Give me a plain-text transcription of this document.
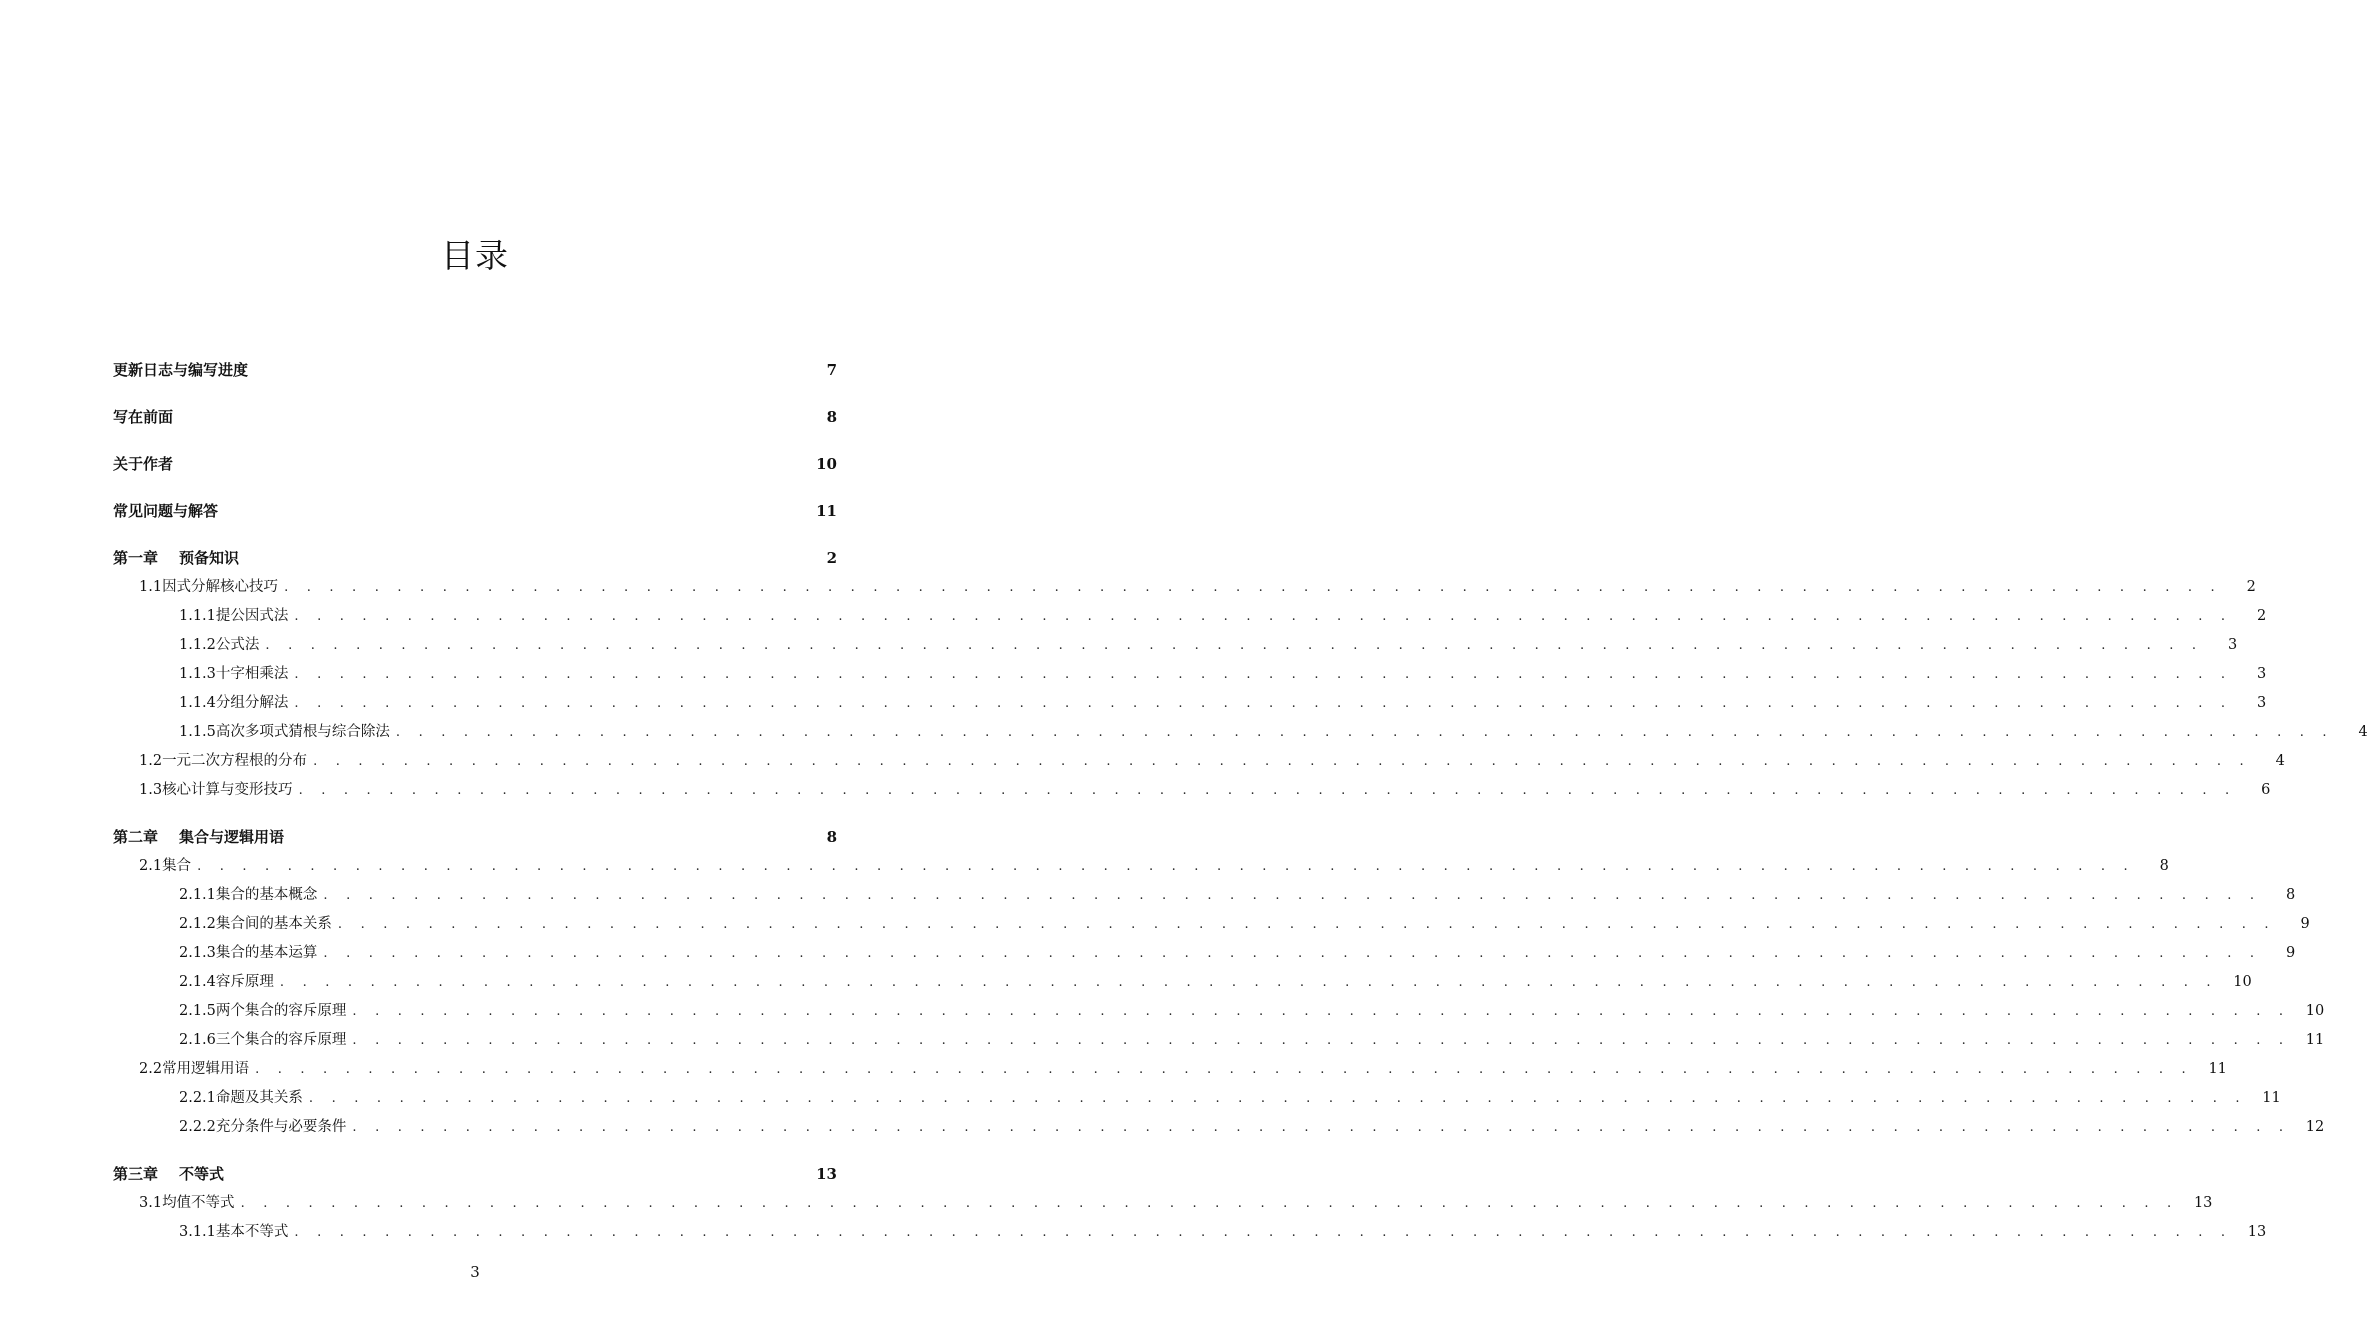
目录
更新日志与编写进度	7
写在前面	8
关于作者	10
常见问题与解答	11
第一章	预备知识	2
1.1 因式分解核心技巧 . . . . . . . . . . . . . . . . . . . . . . . . . . . . . . . . . . . . . . . . . . . . . . . . . . . . . . . . . . . . . . . . . . . . . . . . . . . . . . . . . . . . . .	2
1.1.1 提公因式法 . . . . . . . . . . . . . . . . . . . . . . . . . . . . . . . . . . . . . . . . . . . . . . . . . . . . . . . . . . . . . . . . . . . . . . . . . . . . . . . . . . . . . .	2
1.1.2 公式法 . . . . . . . . . . . . . . . . . . . . . . . . . . . . . . . . . . . . . . . . . . . . . . . . . . . . . . . . . . . . . . . . . . . . . . . . . . . . . . . . . . . . . .	3
1.1.3 十字相乘法 . . . . . . . . . . . . . . . . . . . . . . . . . . . . . . . . . . . . . . . . . . . . . . . . . . . . . . . . . . . . . . . . . . . . . . . . . . . . . . . . . . . . . .	3
1.1.4 分组分解法 . . . . . . . . . . . . . . . . . . . . . . . . . . . . . . . . . . . . . . . . . . . . . . . . . . . . . . . . . . . . . . . . . . . . . . . . . . . . . . . . . . . . . .	3
1.1.5 高次多项式猜根与综合除法 . . . . . . . . . . . . . . . . . . . . . . . . . . . . . . . . . . . . . . . . . . . . . . . . . . . . . . . . . . . . . . . . . . . . . . . . . . . . . . . . . . . . . .	4
1.2 一元二次方程根的分布 . . . . . . . . . . . . . . . . . . . . . . . . . . . . . . . . . . . . . . . . . . . . . . . . . . . . . . . . . . . . . . . . . . . . . . . . . . . . . . . . . . . . . .	4
1.3 核心计算与变形技巧 . . . . . . . . . . . . . . . . . . . . . . . . . . . . . . . . . . . . . . . . . . . . . . . . . . . . . . . . . . . . . . . . . . . . . . . . . . . . . . . . . . . . . .	6
第二章	集合与逻辑用语	8
2.1 集合 . . . . . . . . . . . . . . . . . . . . . . . . . . . . . . . . . . . . . . . . . . . . . . . . . . . . . . . . . . . . . . . . . . . . . . . . . . . . . . . . . . . . . .	8
2.1.1 集合的基本概念 . . . . . . . . . . . . . . . . . . . . . . . . . . . . . . . . . . . . . . . . . . . . . . . . . . . . . . . . . . . . . . . . . . . . . . . . . . . . . . . . . . . . . .	8
2.1.2 集合间的基本关系 . . . . . . . . . . . . . . . . . . . . . . . . . . . . . . . . . . . . . . . . . . . . . . . . . . . . . . . . . . . . . . . . . . . . . . . . . . . . . . . . . . . . . .	9
2.1.3 集合的基本运算 . . . . . . . . . . . . . . . . . . . . . . . . . . . . . . . . . . . . . . . . . . . . . . . . . . . . . . . . . . . . . . . . . . . . . . . . . . . . . . . . . . . . . .	9
2.1.4 容斥原理 . . . . . . . . . . . . . . . . . . . . . . . . . . . . . . . . . . . . . . . . . . . . . . . . . . . . . . . . . . . . . . . . . . . . . . . . . . . . . . . . . . . . . .	10
2.1.5 两个集合的容斥原理 . . . . . . . . . . . . . . . . . . . . . . . . . . . . . . . . . . . . . . . . . . . . . . . . . . . . . . . . . . . . . . . . . . . . . . . . . . . . . . . . . . . . . .	10
2.1.6 三个集合的容斥原理 . . . . . . . . . . . . . . . . . . . . . . . . . . . . . . . . . . . . . . . . . . . . . . . . . . . . . . . . . . . . . . . . . . . . . . . . . . . . . . . . . . . . . .	11
2.2 常用逻辑用语 . . . . . . . . . . . . . . . . . . . . . . . . . . . . . . . . . . . . . . . . . . . . . . . . . . . . . . . . . . . . . . . . . . . . . . . . . . . . . . . . . . . . . .	11
2.2.1 命题及其关系 . . . . . . . . . . . . . . . . . . . . . . . . . . . . . . . . . . . . . . . . . . . . . . . . . . . . . . . . . . . . . . . . . . . . . . . . . . . . . . . . . . . . . .	11
2.2.2 充分条件与必要条件 . . . . . . . . . . . . . . . . . . . . . . . . . . . . . . . . . . . . . . . . . . . . . . . . . . . . . . . . . . . . . . . . . . . . . . . . . . . . . . . . . . . . . .	12
第三章	不等式	13
3.1 均值不等式 . . . . . . . . . . . . . . . . . . . . . . . . . . . . . . . . . . . . . . . . . . . . . . . . . . . . . . . . . . . . . . . . . . . . . . . . . . . . . . . . . . . . . .	13
3.1.1 基本不等式 . . . . . . . . . . . . . . . . . . . . . . . . . . . . . . . . . . . . . . . . . . . . . . . . . . . . . . . . . . . . . . . . . . . . . . . . . . . . . . . . . . . . . .	13
3
